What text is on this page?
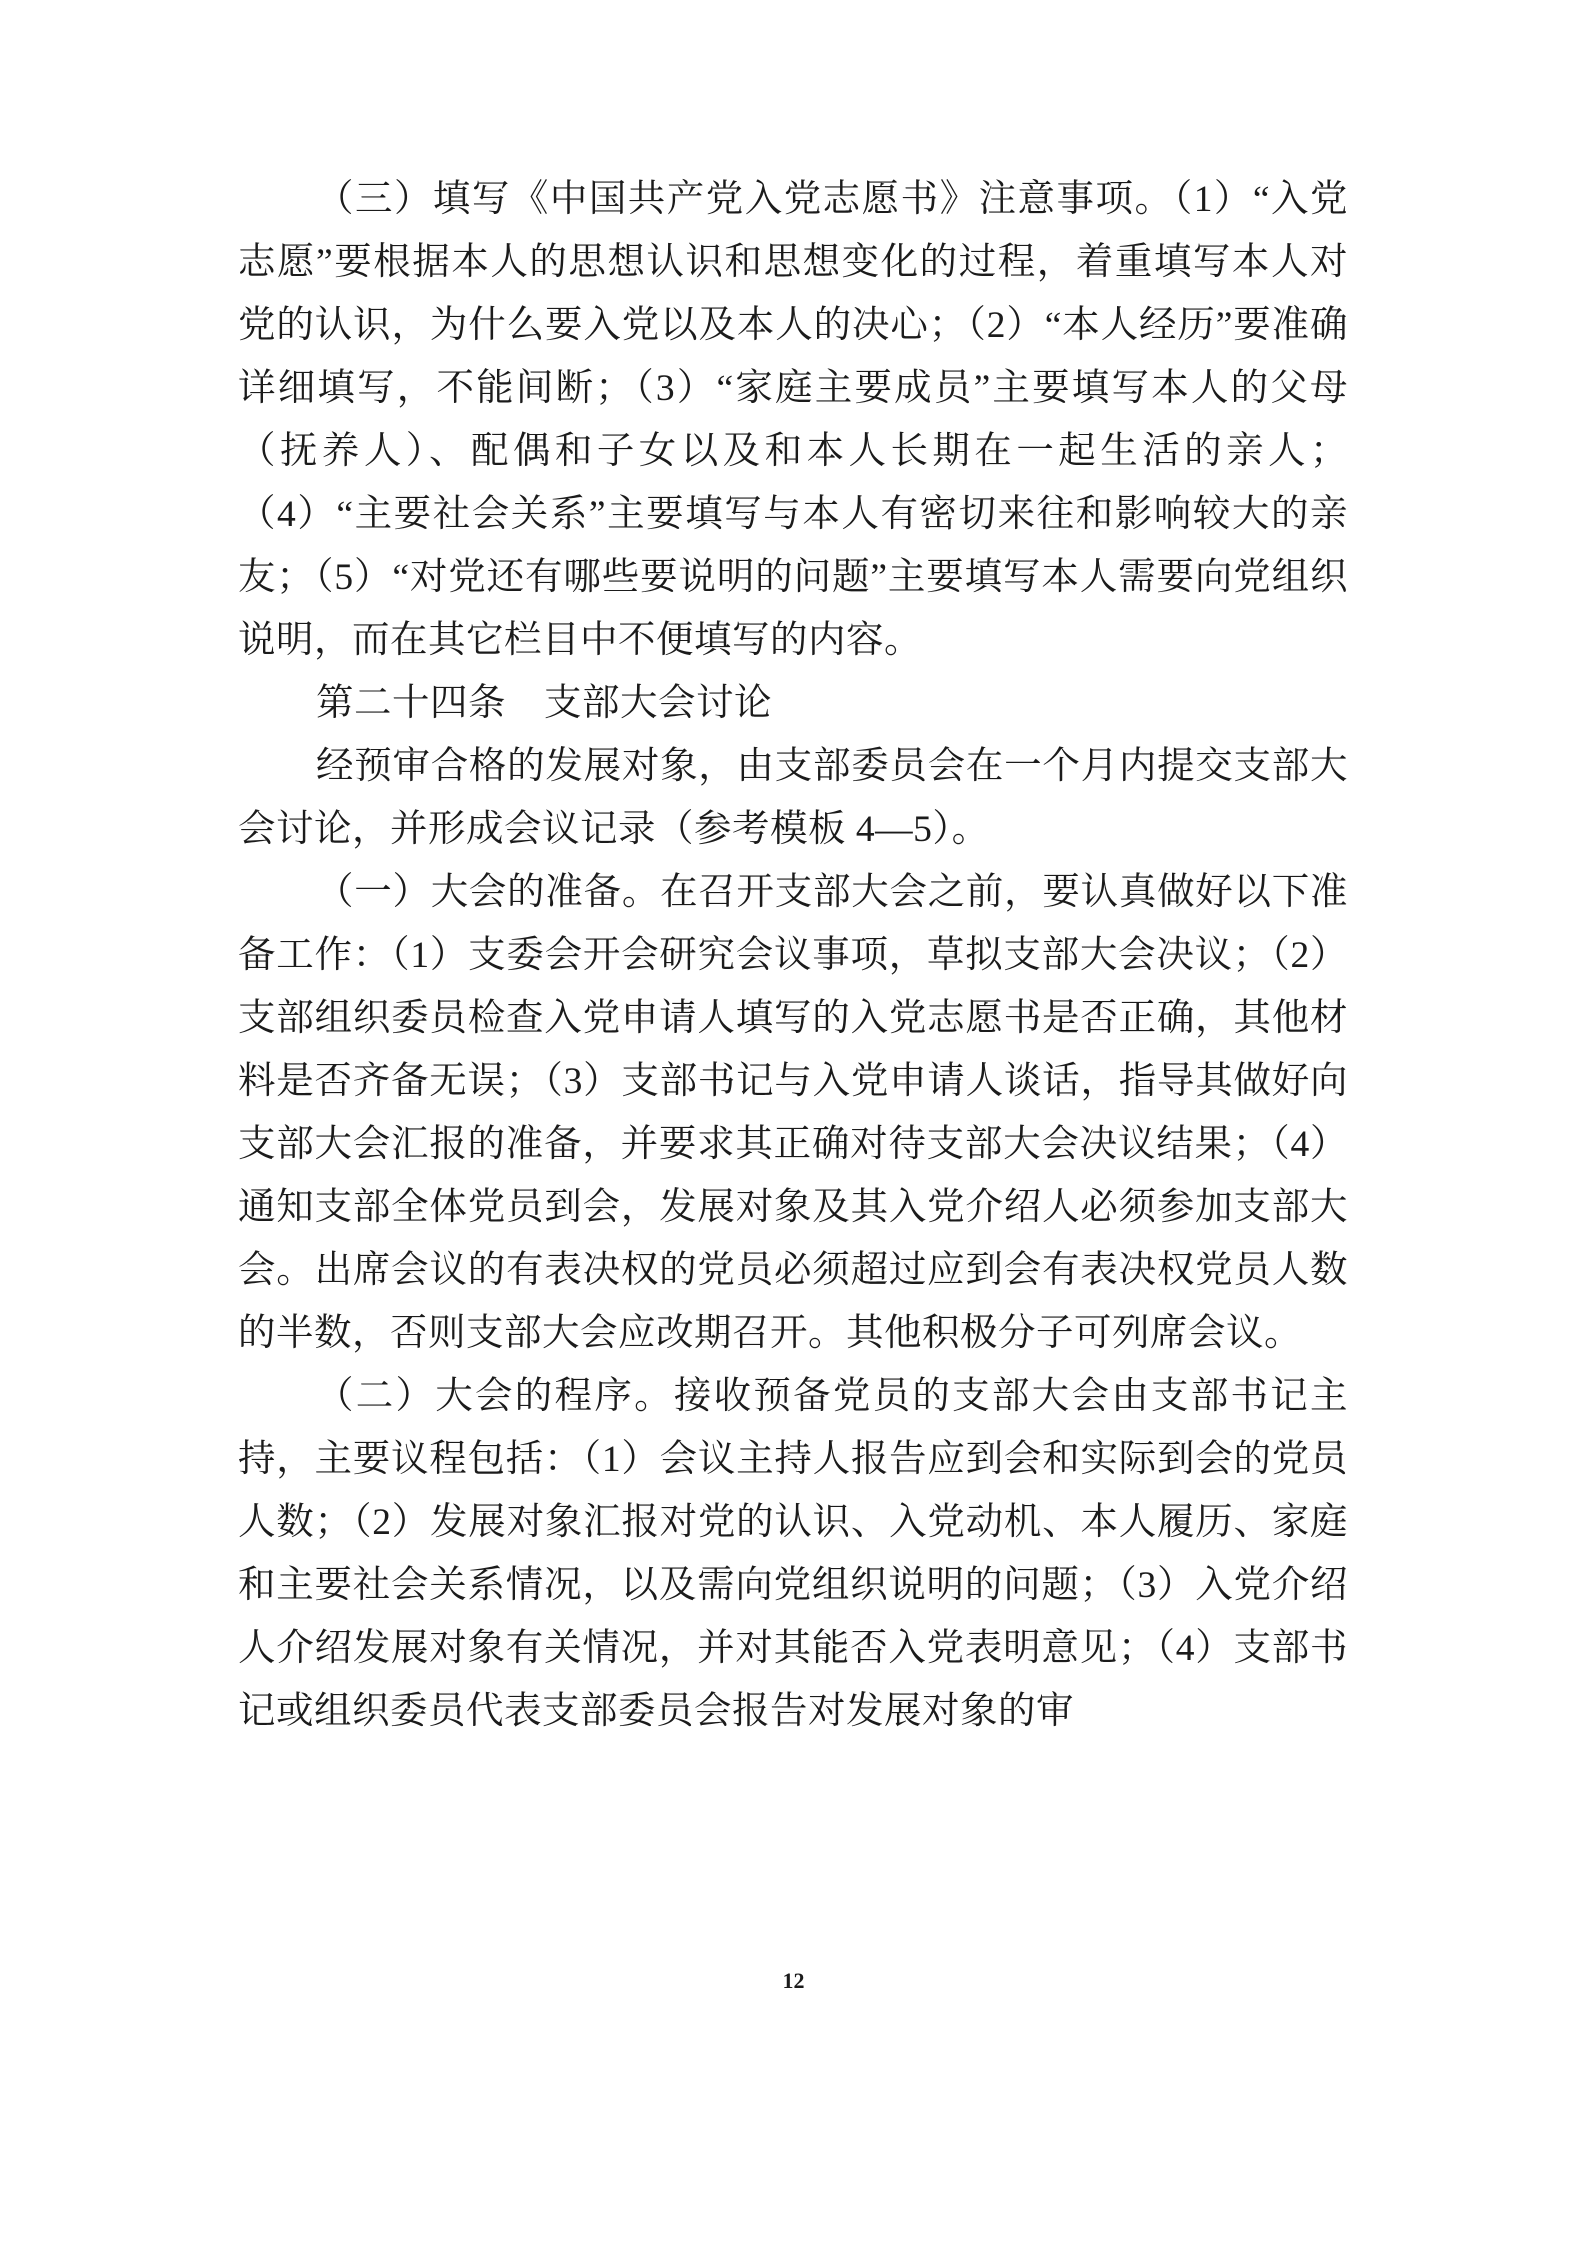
（三）填写《中国共产党入党志愿书》注意事项。（1）“入党志愿”要根据本人的思想认识和思想变化的过程，着重填写本人对党的认识，为什么要入党以及本人的决心；（2）“本人经历”要准确详细填写，不能间断；（3）“家庭主要成员”主要填写本人的父母（抚养人）、配偶和子女以及和本人长期在一起生活的亲人；（4）“主要社会关系”主要填写与本人有密切来往和影响较大的亲友；（5）“对党还有哪些要说明的问题”主要填写本人需要向党组织说明，而在其它栏目中不便填写的内容。

第二十四条　支部大会讨论

经预审合格的发展对象，由支部委员会在一个月内提交支部大会讨论，并形成会议记录（参考模板 4—5）。

（一）大会的准备。在召开支部大会之前，要认真做好以下准备工作：（1）支委会开会研究会议事项，草拟支部大会决议；（2）支部组织委员检查入党申请人填写的入党志愿书是否正确，其他材料是否齐备无误；（3）支部书记与入党申请人谈话，指导其做好向支部大会汇报的准备，并要求其正确对待支部大会决议结果；（4）通知支部全体党员到会，发展对象及其入党介绍人必须参加支部大会。出席会议的有表决权的党员必须超过应到会有表决权党员人数的半数，否则支部大会应改期召开。其他积极分子可列席会议。

（二）大会的程序。接收预备党员的支部大会由支部书记主持，主要议程包括：（1）会议主持人报告应到会和实际到会的党员人数；（2）发展对象汇报对党的认识、入党动机、本人履历、家庭和主要社会关系情况，以及需向党组织说明的问题；（3）入党介绍人介绍发展对象有关情况，并对其能否入党表明意见；（4）支部书记或组织委员代表支部委员会报告对发展对象的审

12
